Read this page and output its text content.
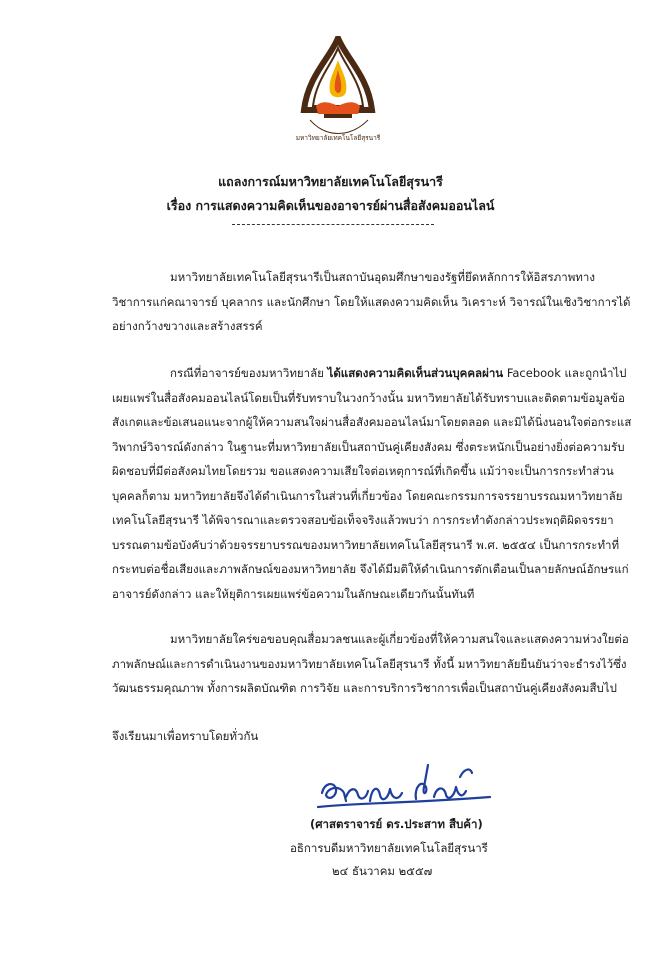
มหาวิทยาลัยเทคโนโลยีสุรนารี
แถลงการณ์มหาวิทยาลัยเทคโนโลยีสุรนารี
เรื่อง การแสดงความคิดเห็นของอาจารย์ผ่านสื่อสังคมออนไลน์
มหาวิทยาลัยเทคโนโลยีสุรนารีเป็นสถาบันอุดมศึกษาของรัฐที่ยึดหลักการให้อิสรภาพทางวิชาการแก่คณาจารย์ บุคลากร และนักศึกษา โดยให้แสดงความคิดเห็น วิเคราะห์ วิจารณ์ในเชิงวิชาการได้อย่างกว้างขวางและสร้างสรรค์
กรณีที่อาจารย์ของมหาวิทยาลัย ได้แสดงความคิดเห็นส่วนบุคคลผ่าน Facebook และถูกนำไปเผยแพร่ในสื่อสังคมออนไลน์โดยเป็นที่รับทราบในวงกว้างนั้น มหาวิทยาลัยได้รับทราบและติดตามข้อมูลข้อสังเกตและข้อเสนอแนะจากผู้ให้ความสนใจผ่านสื่อสังคมออนไลน์มาโดยตลอด และมิได้นิ่งนอนใจต่อกระแสวิพากษ์วิจารณ์ดังกล่าว ในฐานะที่มหาวิทยาลัยเป็นสถาบันคู่เคียงสังคม ซึ่งตระหนักเป็นอย่างยิ่งต่อความรับผิดชอบที่มีต่อสังคมไทยโดยรวม ขอแสดงความเสียใจต่อเหตุการณ์ที่เกิดขึ้น แม้ว่าจะเป็นการกระทำส่วนบุคคลก็ตาม มหาวิทยาลัยจึงได้ดำเนินการในส่วนที่เกี่ยวข้อง โดยคณะกรรมการจรรยาบรรณมหาวิทยาลัยเทคโนโลยีสุรนารี ได้พิจารณาและตรวจสอบข้อเท็จจริงแล้วพบว่า การกระทำดังกล่าวประพฤติผิดจรรยาบรรณตามข้อบังคับว่าด้วยจรรยาบรรณของมหาวิทยาลัยเทคโนโลยีสุรนารี พ.ศ. ๒๕๕๔ เป็นการกระทำที่กระทบต่อชื่อเสียงและภาพลักษณ์ของมหาวิทยาลัย จึงได้มีมติให้ดำเนินการตักเตือนเป็นลายลักษณ์อักษรแก่อาจารย์ดังกล่าว และให้ยุติการเผยแพร่ข้อความในลักษณะเดียวกันนั้นทันที
มหาวิทยาลัยใคร่ขอขอบคุณสื่อมวลชนและผู้เกี่ยวข้องที่ให้ความสนใจและแสดงความห่วงใยต่อภาพลักษณ์และการดำเนินงานของมหาวิทยาลัยเทคโนโลยีสุรนารี ทั้งนี้ มหาวิทยาลัยยืนยันว่าจะธำรงไว้ซึ่งวัฒนธรรมคุณภาพ ทั้งการผลิตบัณฑิต การวิจัย และการบริการวิชาการเพื่อเป็นสถาบันคู่เคียงสังคมสืบไป
จึงเรียนมาเพื่อทราบโดยทั่วกัน
(ศาสตราจารย์ ดร.ประสาท สืบค้า)
อธิการบดีมหาวิทยาลัยเทคโนโลยีสุรนารี
๒๔ ธันวาคม ๒๕๕๗
